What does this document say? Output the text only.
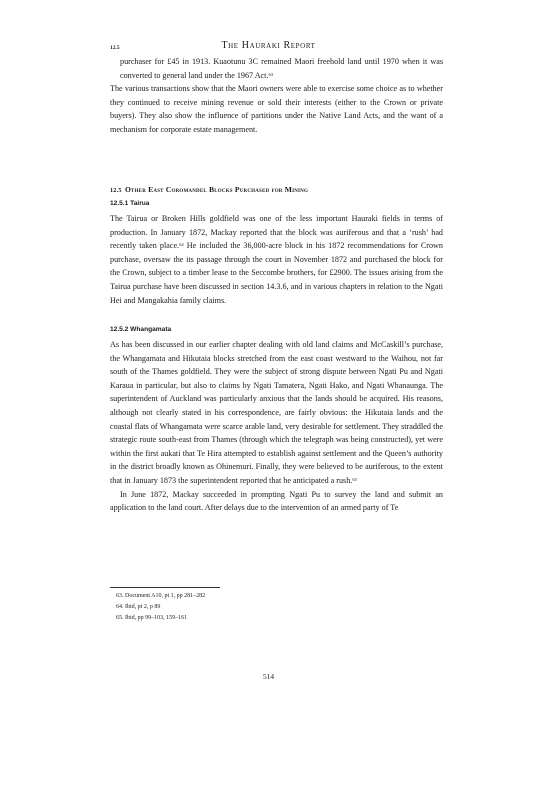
The Hauraki Report
12.5

purchaser for £45 in 1913. Kuaotunu 3C remained Maori freehold land until 1970 when it was converted to general land under the 1967 Act.$^{63}$

The various transactions show that the Maori owners were able to exercise some choice as to whether they continued to receive mining revenue or sold their interests (either to the Crown or private buyers). They also show the influence of partitions under the Native Land Acts, and the want of a mechanism for corporate estate management.

12.5  Other East Coromandel Blocks Purchased for Mining
12.5.1 Tairua

The Tairua or Broken Hills goldfield was one of the less important Hauraki fields in terms of production. In January 1872, Mackay reported that the block was auriferous and that a ‘rush’ had recently taken place.$^{64}$ He included the 36,000-acre block in his 1872 recommendations for Crown purchase, oversaw the its passage through the court in November 1872 and purchased the block for the Crown, subject to a timber lease to the Seccombe brothers, for £2900. The issues arising from the Tairua purchase have been discussed in section 14.3.6, and in various chapters in relation to the Ngati Hei and Mangakahia family claims.

12.5.2 Whangamata

As has been discussed in our earlier chapter dealing with old land claims and McCaskill’s purchase, the Whangamata and Hikutaia blocks stretched from the east coast westward to the Waihou, not far south of the Thames goldfield. They were the subject of strong dispute between Ngati Pu and Ngati Karaua in particular, but also to claims by Ngati Tamatera, Ngati Hako, and Ngati Whanaunga. The superintendent of Auckland was particularly anxious that the lands should be acquired. His reasons, although not clearly stated in his correspondence, are fairly obvious: the Hikutaia lands and the coastal flats of Whangamata were scarce arable land, very desirable for settlement. They straddled the strategic route south-east from Thames (through which the telegraph was being constructed), yet were within the first aukati that Te Hira attempted to establish against settlement and the Queen’s authority in the district broadly known as Ohinemuri. Finally, they were believed to be auriferous, to the extent that in January 1873 the superintendent reported that he anticipated a rush.$^{65}$

In June 1872, Mackay succeeded in prompting Ngati Pu to survey the land and submit an application to the land court. After delays due to the intervention of an armed party of Te

63. Document A10, pt 1, pp 281–282
64. Ibid, pt 2, p 89
65. Ibid, pp 99–103, 159–161
514
